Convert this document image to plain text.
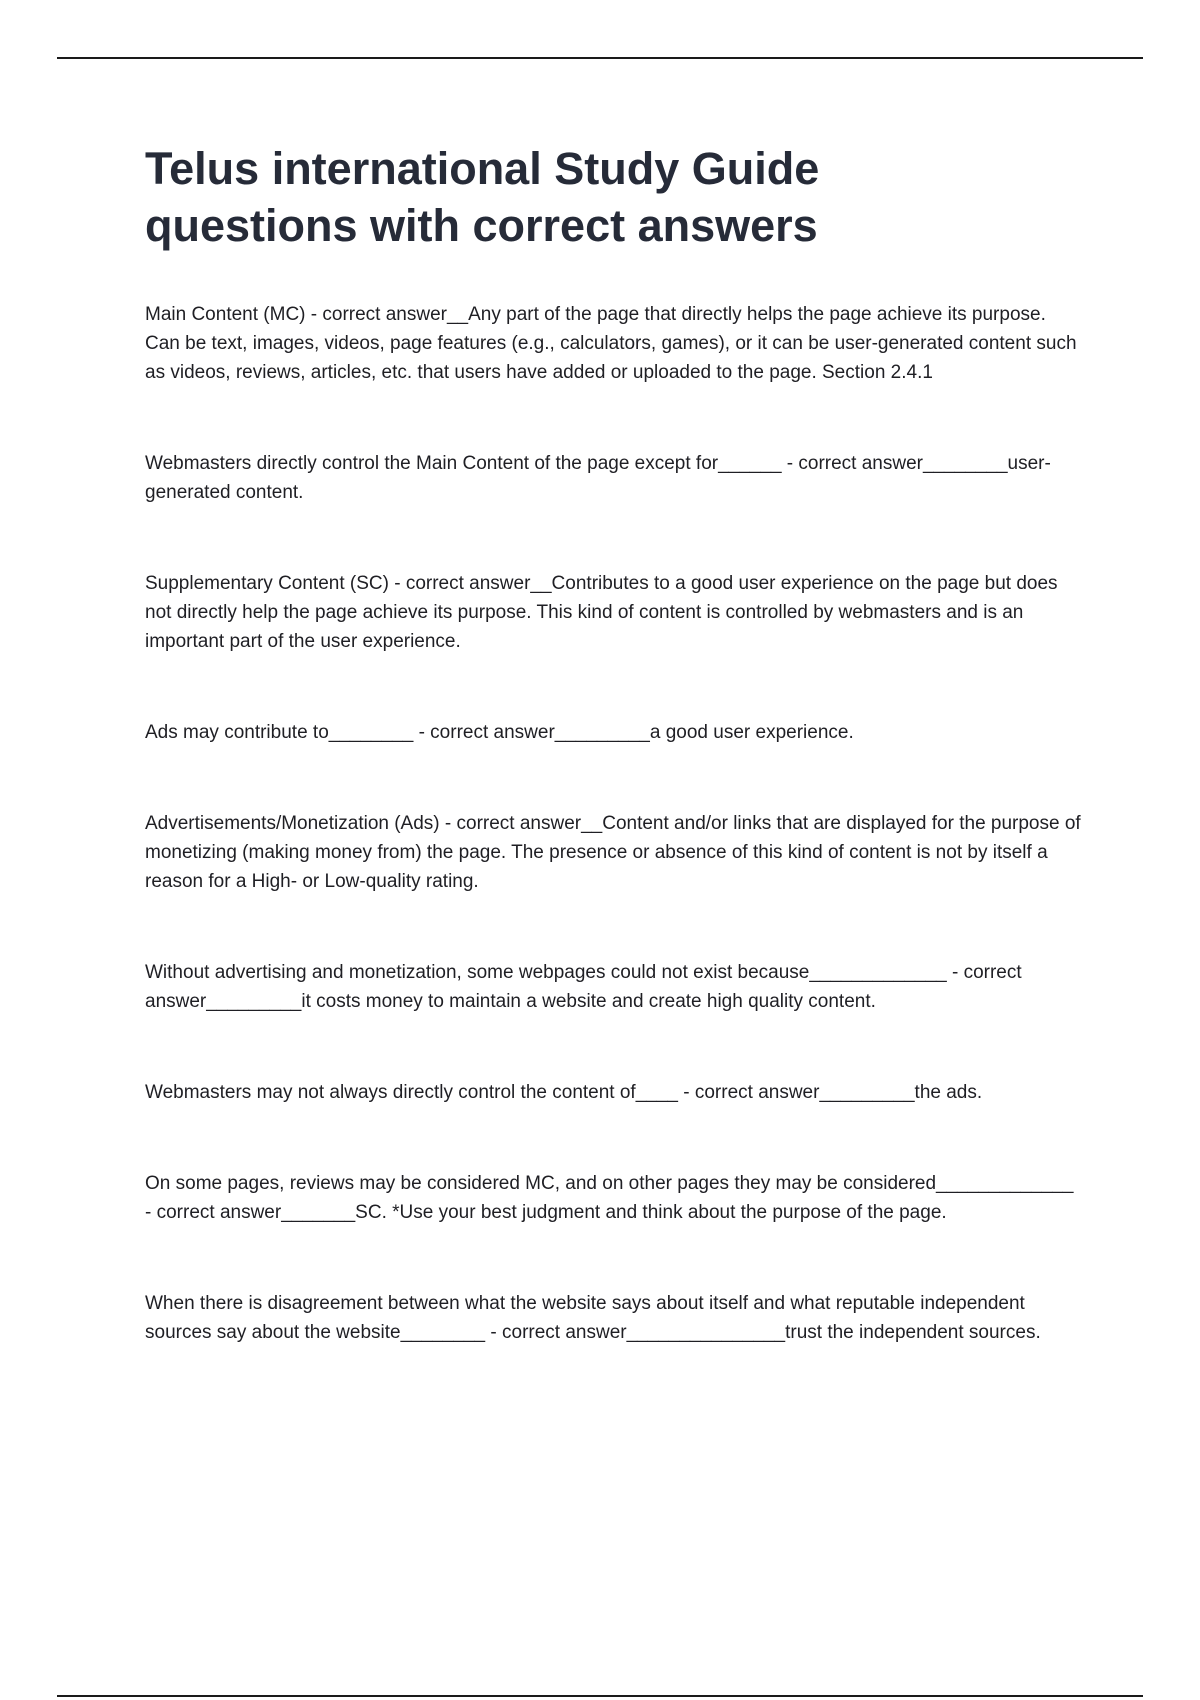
Telus international Study Guide
questions with correct answers

Main Content (MC) - correct answer__Any part of the page that directly helps the page achieve its purpose. Can be text, images, videos, page features (e.g., calculators, games), or it can be user-generated content such as videos, reviews, articles, etc. that users have added or uploaded to the page. Section 2.4.1

Webmasters directly control the Main Content of the page except for______ - correct answer________user-generated content.

Supplementary Content (SC) - correct answer__Contributes to a good user experience on the page but does not directly help the page achieve its purpose. This kind of content is controlled by webmasters and is an important part of the user experience.

Ads may contribute to________ - correct answer_________a good user experience.

Advertisements/Monetization (Ads) - correct answer__Content and/or links that are displayed for the purpose of monetizing (making money from) the page. The presence or absence of this kind of content is not by itself a reason for a High- or Low-quality rating.

Without advertising and monetization, some webpages could not exist because_____________ - correct answer_________it costs money to maintain a website and create high quality content.

Webmasters may not always directly control the content of____ - correct answer_________the ads.

On some pages, reviews may be considered MC, and on other pages they may be considered_____________ - correct answer_______SC. *Use your best judgment and think about the purpose of the page.

When there is disagreement between what the website says about itself and what reputable independent sources say about the website________ - correct answer_______________trust the independent sources.
